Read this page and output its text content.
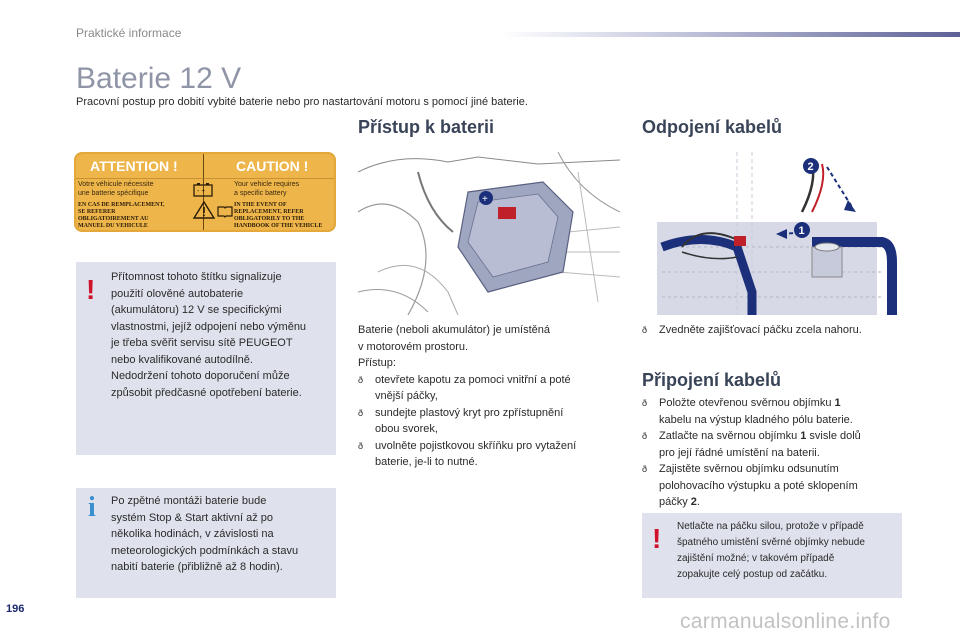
Praktické informace
Baterie 12 V
Pracovní postup pro dobití vybité baterie nebo pro nastartování motoru s pomocí jiné baterie.
ATTENTION !	CAUTION !
Votre véhicule nécessite
une batterie spécifique
Your vehicle requires
a specific battery
- +
EN CAS DE REMPLACEMENT,
SE REFERER
OBLIGATOIREMENT AU
MANUEL DU VEHICULE
IN THE EVENT OF
REPLACEMENT, REFER
OBLIGATORILY TO THE
HANDBOOK OF THE VEHICLE
! Přítomnost tohoto štítku signalizuje
použití olověné autobaterie
(akumulátoru) 12 V se specifickými
vlastnostmi, jejíž odpojení nebo výměnu
je třeba svěřit servisu sítě PEUGEOT
nebo kvalifikované autodílně.
Nedodržení tohoto doporučení může
způsobit předčasné opotřebení baterie.
i Po zpětné montáži baterie bude
systém Stop & Start aktivní až po
několika hodinách, v závislosti na
meteorologických podmínkách a stavu
nabití baterie (přibližně až 8 hodin).
Přístup k baterii
+
Baterie (neboli akumulátor) je umístěná
v motorovém prostoru.
Přístup:
ð otevřete kapotu za pomoci vnitřní a poté
vnější páčky,
ð sundejte plastový kryt pro zpřístupnění
obou svorek,
ð uvolněte pojistkovou skříňku pro vytažení
baterie, je-li to nutné.
Odpojení kabelů
2
1
ð Zvedněte zajišťovací páčku zcela nahoru.
Připojení kabelů
ð Položte otevřenou svěrnou objímku 1
kabelu na výstup kladného pólu baterie.
ð Zatlačte na svěrnou objímku 1 svisle dolů
pro její řádné umístění na baterii.
ð Zajistěte svěrnou objímku odsunutím
polohovacího výstupku a poté sklopením
páčky 2.
! Netlačte na páčku silou, protože v případě
špatného umistění svěrné objímky nebude
zajištění možné; v takovém případě
zopakujte celý postup od začátku.
196
carmanualsonline.info
